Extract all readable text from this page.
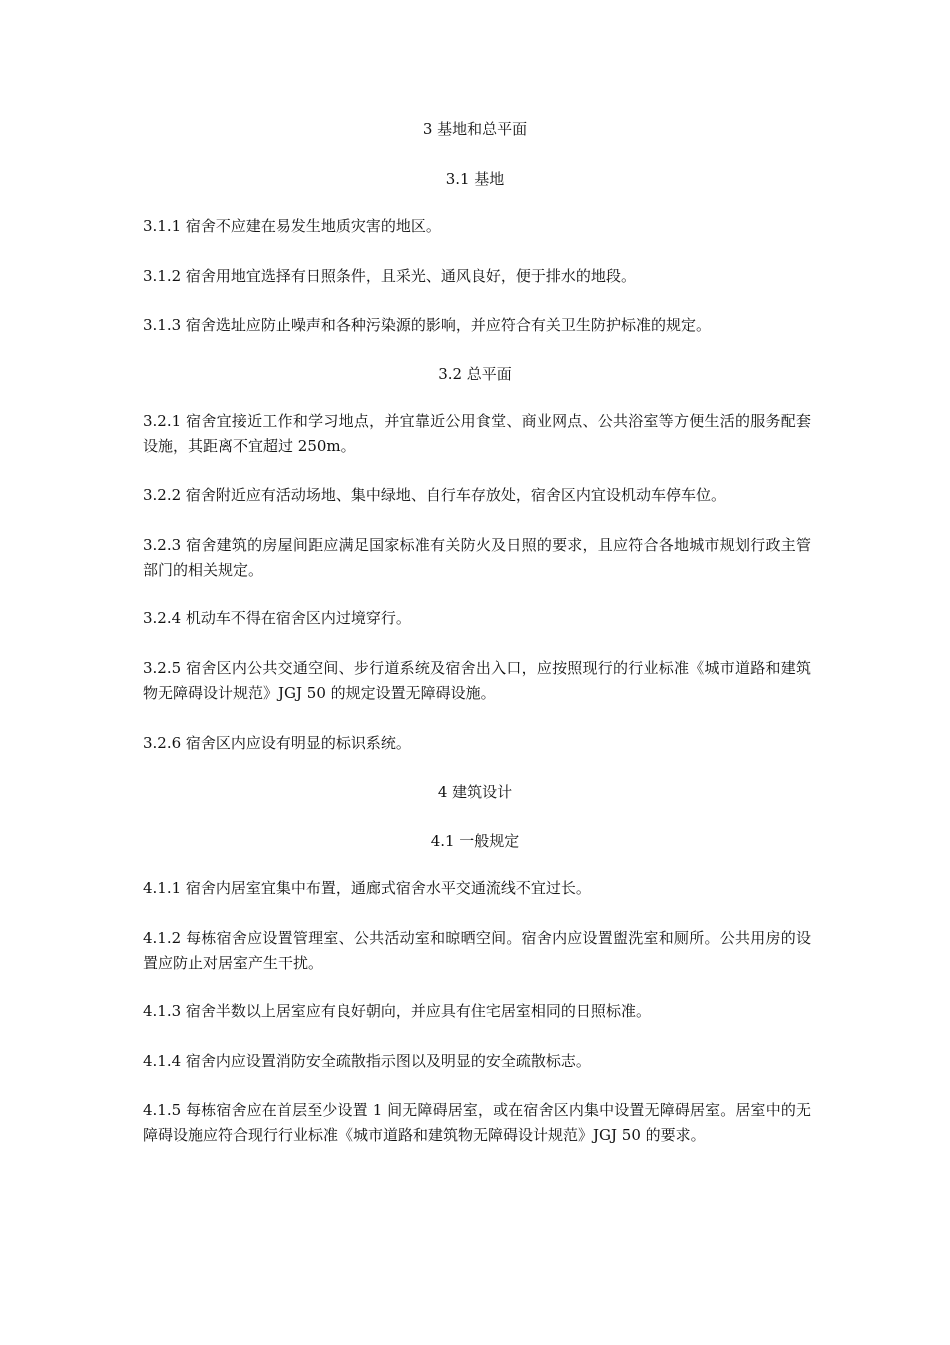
3 基地和总平面
3.1 基地
3.1.1 宿舍不应建在易发生地质灾害的地区。
3.1.2 宿舍用地宜选择有日照条件，且采光、通风良好，便于排水的地段。
3.1.3 宿舍选址应防止噪声和各种污染源的影响，并应符合有关卫生防护标准的规定。
3.2 总平面
3.2.1 宿舍宜接近工作和学习地点，并宜靠近公用食堂、商业网点、公共浴室等方便生活的服务配套设施，其距离不宜超过 250m。
3.2.2 宿舍附近应有活动场地、集中绿地、自行车存放处，宿舍区内宜设机动车停车位。
3.2.3 宿舍建筑的房屋间距应满足国家标准有关防火及日照的要求，且应符合各地城市规划行政主管部门的相关规定。
3.2.4 机动车不得在宿舍区内过境穿行。
3.2.5 宿舍区内公共交通空间、步行道系统及宿舍出入口，应按照现行的行业标准《城市道路和建筑物无障碍设计规范》JGJ 50 的规定设置无障碍设施。
3.2.6 宿舍区内应设有明显的标识系统。
4 建筑设计
4.1 一般规定
4.1.1 宿舍内居室宜集中布置，通廊式宿舍水平交通流线不宜过长。
4.1.2 每栋宿舍应设置管理室、公共活动室和晾晒空间。宿舍内应设置盥洗室和厕所。公共用房的设置应防止对居室产生干扰。
4.1.3 宿舍半数以上居室应有良好朝向，并应具有住宅居室相同的日照标准。
4.1.4 宿舍内应设置消防安全疏散指示图以及明显的安全疏散标志。
4.1.5 每栋宿舍应在首层至少设置 1 间无障碍居室，或在宿舍区内集中设置无障碍居室。居室中的无障碍设施应符合现行行业标准《城市道路和建筑物无障碍设计规范》JGJ 50 的要求。
